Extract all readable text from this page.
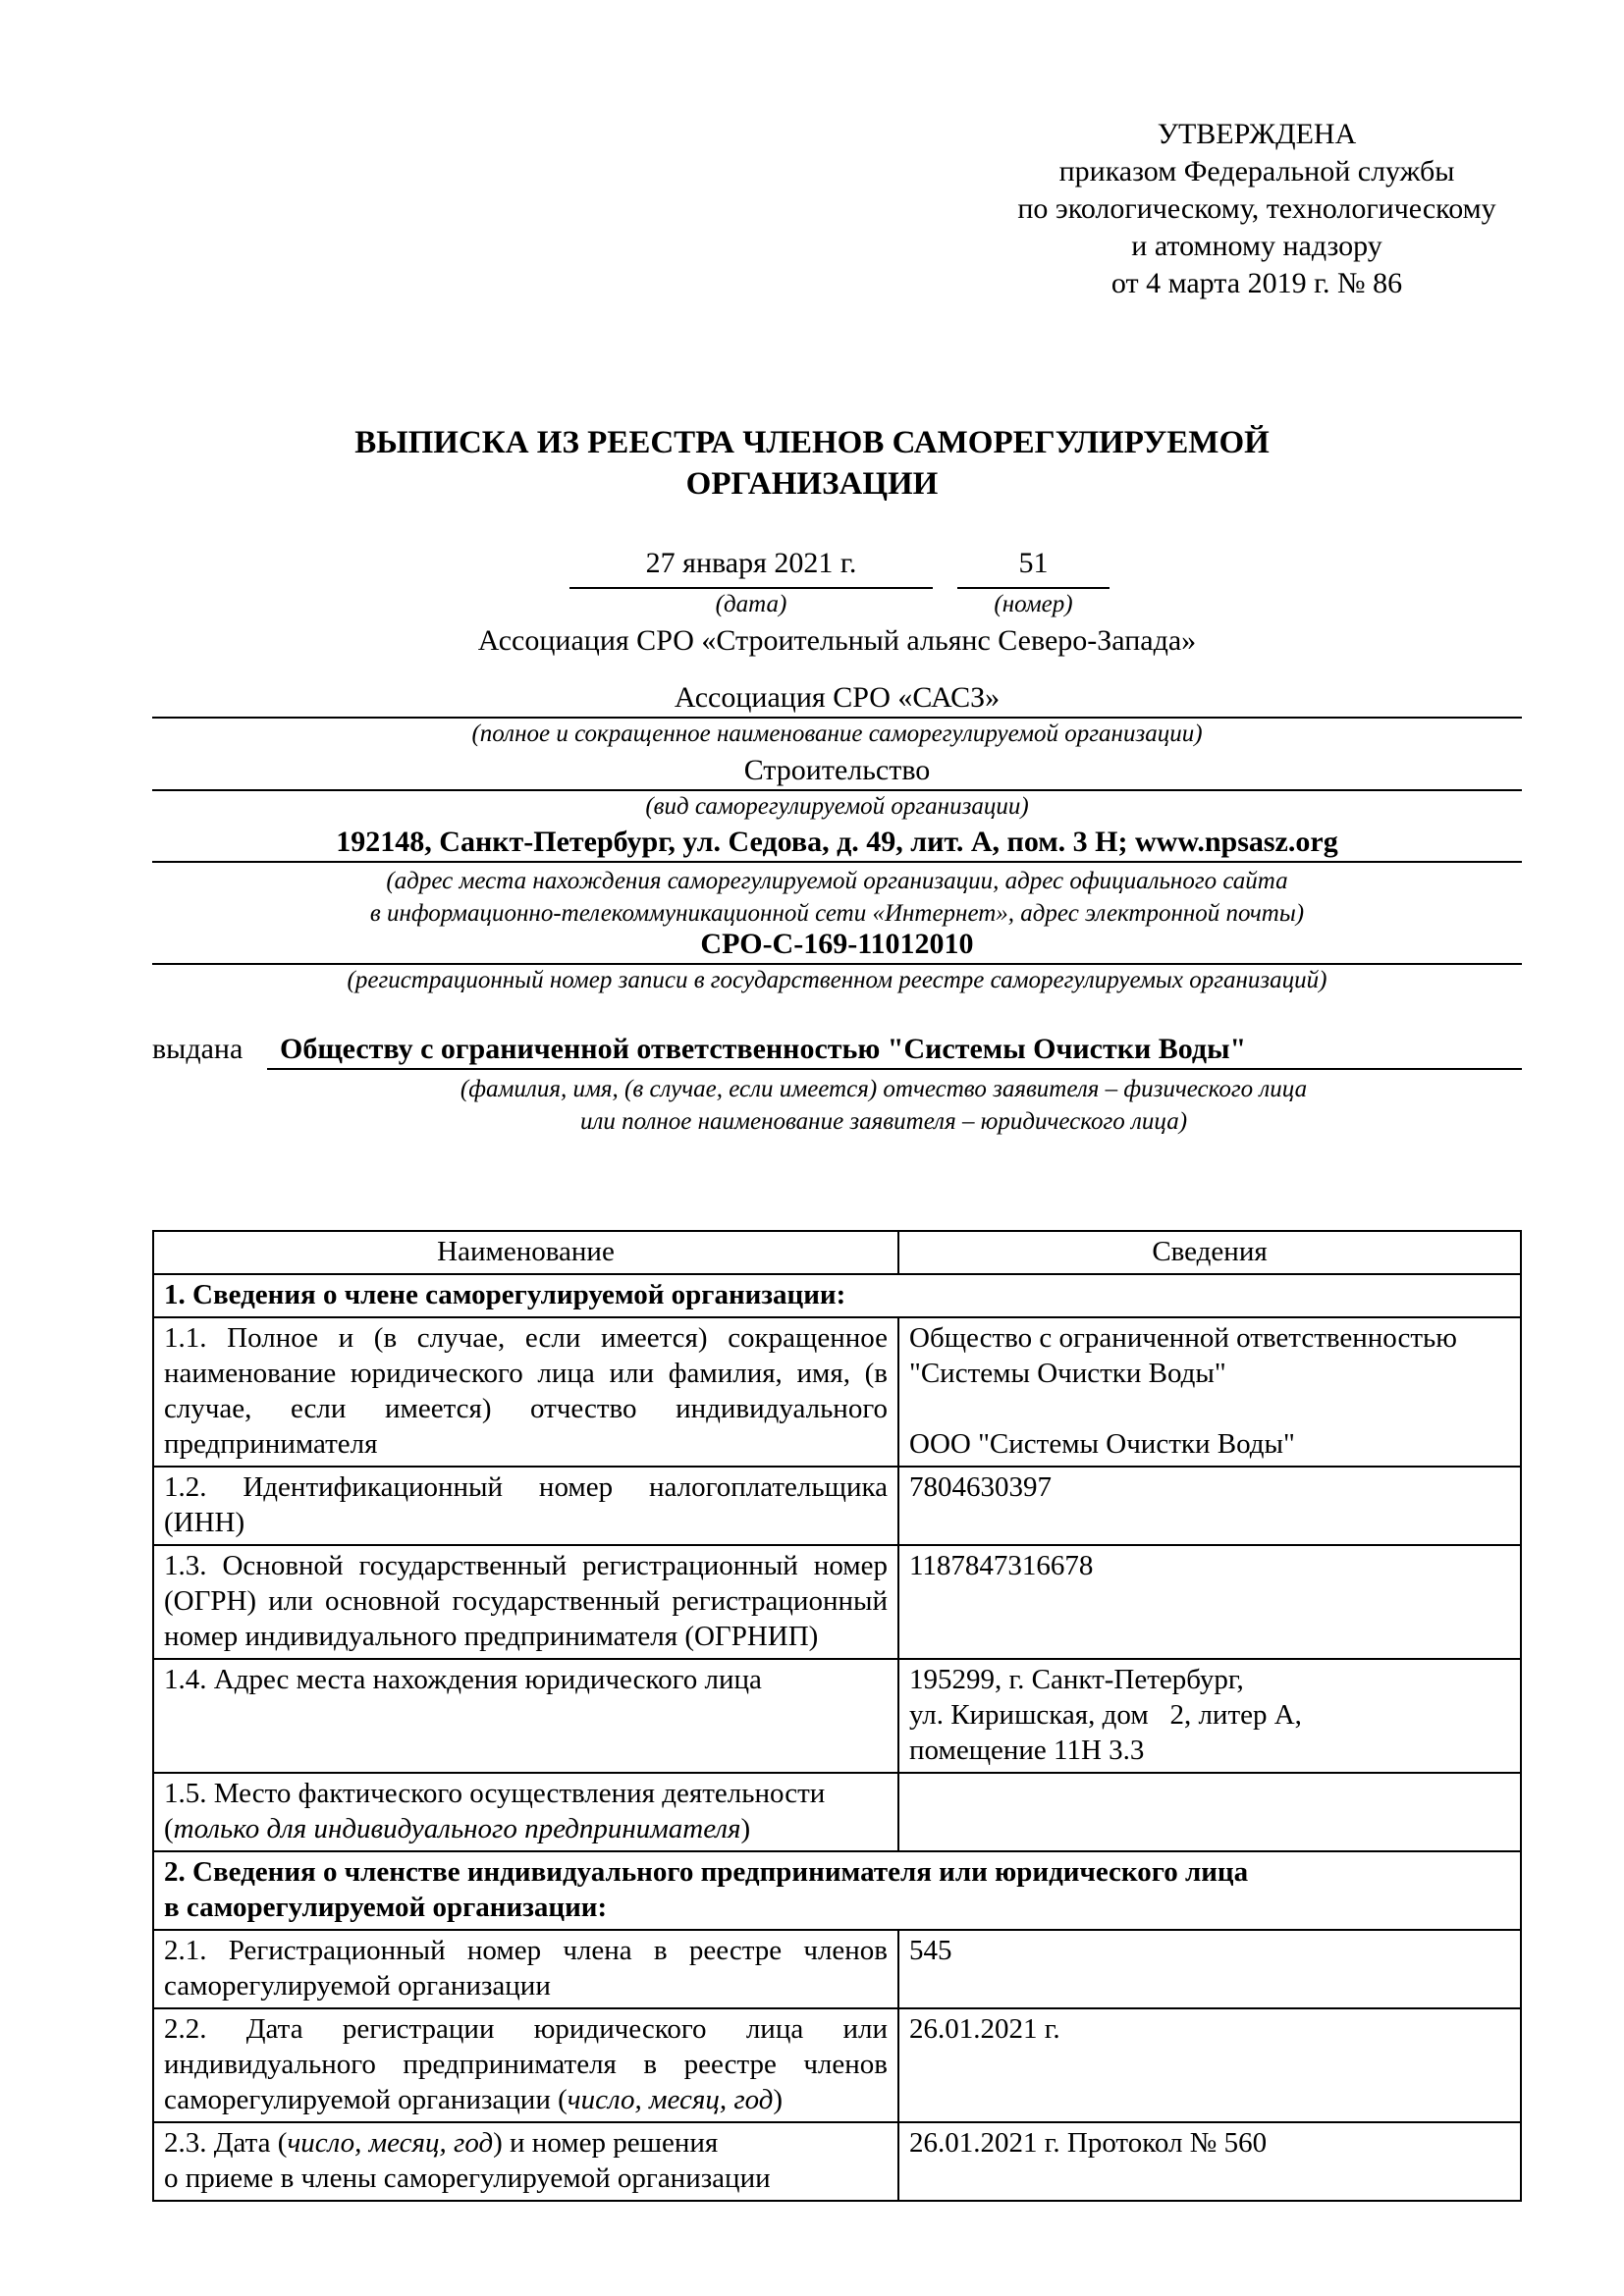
УТВЕРЖДЕНА
приказом Федеральной службы
по экологическому, технологическому
и атомному надзору
от 4 марта 2019 г. № 86
ВЫПИСКА ИЗ РЕЕСТРА ЧЛЕНОВ САМОРЕГУЛИРУЕМОЙ
ОРГАНИЗАЦИИ
27 января 2021 г.
(дата)
51
(номер)
Ассоциация СРО «Строительный альянс Северо-Запада»
Ассоциация СРО «САСЗ»
(полное и сокращенное наименование саморегулируемой организации)
Строительство
(вид саморегулируемой организации)
192148, Санкт-Петербург, ул. Седова, д. 49, лит. А, пом. 3 Н; www.npsasz.org
(адрес места нахождения саморегулируемой организации, адрес официального сайта
в информационно-телекоммуникационной сети «Интернет», адрес электронной почты)
СРО-С-169-11012010
(регистрационный номер записи в государственном реестре саморегулируемых организаций)
выдана Обществу с ограниченной ответственностью "Системы Очистки Воды"
(фамилия, имя, (в случае, если имеется) отчество заявителя – физического лица
или полное наименование заявителя – юридического лица)
Наименование	Сведения
1. Сведения о члене саморегулируемой организации:	
1.1. Полное и (в случае, если имеется) сокращенное наименование юридического лица или фамилия, имя, (в случае, если имеется) отчество индивидуального предпринимателя	Общество с ограниченной ответственностью "Системы Очистки Воды"
ООО "Системы Очистки Воды"

1.2. Идентификационный номер налогоплательщика (ИНН)	7804630397
1.3. Основной государственный регистрационный номер (ОГРН) или основной государственный регистрационный номер индивидуального предпринимателя (ОГРНИП)	1187847316678
1.4. Адрес места нахождения юридического лица	195299, г. Санкт-Петербург,
ул. Киришская, дом   2, литер А,
помещение 11Н 3.3

1.5. Место фактического осуществления деятельности
(только для индивидуального предпринимателя)	

2. Сведения о членстве индивидуального предпринимателя или юридического лица
в саморегулируемой организации:	

2.1. Регистрационный номер члена в реестре членов саморегулируемой организации	545
2.2. Дата регистрации юридического лица или индивидуального предпринимателя в реестре членов саморегулируемой организации (число, месяц, год)	26.01.2021 г.

2.3. Дата (число, месяц, год) и номер решения
о приеме в члены саморегулируемой организации	26.01.2021 г. Протокол № 560
